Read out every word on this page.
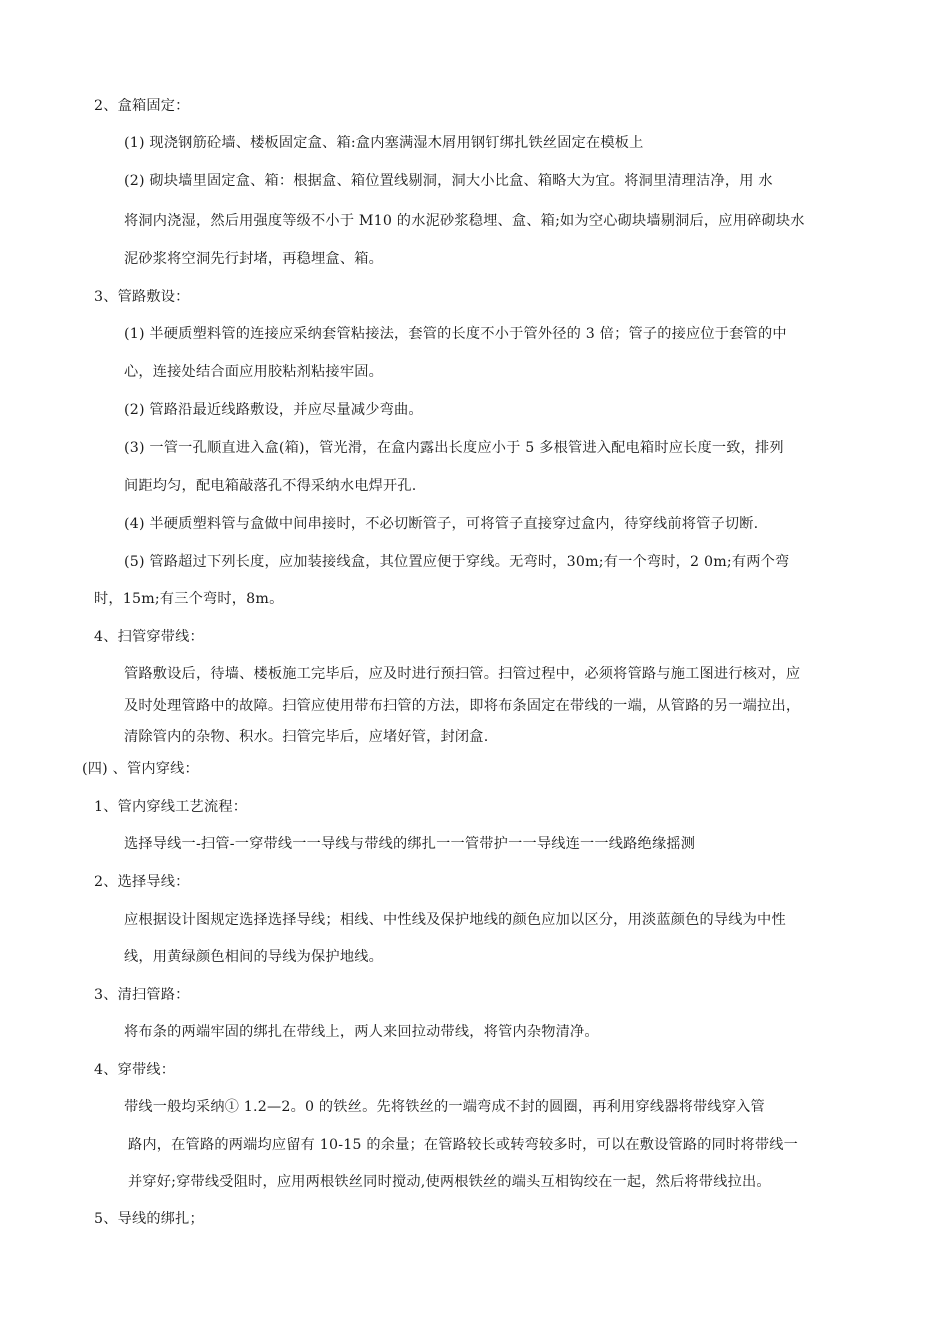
2、盒箱固定：
(1) 现浇钢筋砼墙、楼板固定盒、箱:盒内塞满湿木屑用钢钉绑扎铁丝固定在模板上
(2) 砌块墙里固定盒、箱：根据盒、箱位置线剔洞，洞大小比盒、箱略大为宜。将洞里清理洁净，用 水
将洞内浇湿，然后用强度等级不小于 M10 的水泥砂浆稳埋、盒、箱;如为空心砌块墙剔洞后，应用碎砌块水
泥砂浆将空洞先行封堵，再稳埋盒、箱。
3、管路敷设：
(1) 半硬质塑料管的连接应采纳套管粘接法，套管的长度不小于管外径的 3 倍；管子的接应位于套管的中
心，连接处结合面应用胶粘剂粘接牢固。
(2) 管路沿最近线路敷设，并应尽量减少弯曲。
(3) 一管一孔顺直进入盒(箱)，管光滑，在盒内露出长度应小于 5 多根管进入配电箱时应长度一致，排列
间距均匀，配电箱敲落孔不得采纳水电焊开孔.
(4) 半硬质塑料管与盒做中间串接时，不必切断管子，可将管子直接穿过盒内，待穿线前将管子切断.
(5) 管路超过下列长度，应加装接线盒，其位置应便于穿线。无弯时，30m;有一个弯时，2 0m;有两个弯
时，15m;有三个弯时，8m。
4、扫管穿带线：
管路敷设后，待墙、楼板施工完毕后，应及时进行预扫管。扫管过程中，必须将管路与施工图进行核对，应
及时处理管路中的故障。扫管应使用带布扫管的方法，即将布条固定在带线的一端，从管路的另一端拉出，
清除管内的杂物、积水。扫管完毕后，应堵好管，封闭盒.
(四) 、管内穿线：
1、管内穿线工艺流程：
选择导线一-扫管-一穿带线一一导线与带线的绑扎一一管带护一一导线连一一线路绝缘摇测
2、选择导线：
应根据设计图规定选择选择导线；相线、中性线及保护地线的颜色应加以区分，用淡蓝颜色的导线为中性
线，用黄绿颜色相间的导线为保护地线。
3、清扫管路：
将布条的两端牢固的绑扎在带线上，两人来回拉动带线，将管内杂物清净。
4、穿带线：
带线一般均采纳① 1.2—2。0 的铁丝。先将铁丝的一端弯成不封的圆圈，再利用穿线器将带线穿入管
路内，在管路的两端均应留有 10-15 的余量；在管路较长或转弯较多时，可以在敷设管路的同时将带线一
并穿好;穿带线受阻时，应用两根铁丝同时搅动,使两根铁丝的端头互相钩绞在一起，然后将带线拉出。
5、导线的绑扎；
